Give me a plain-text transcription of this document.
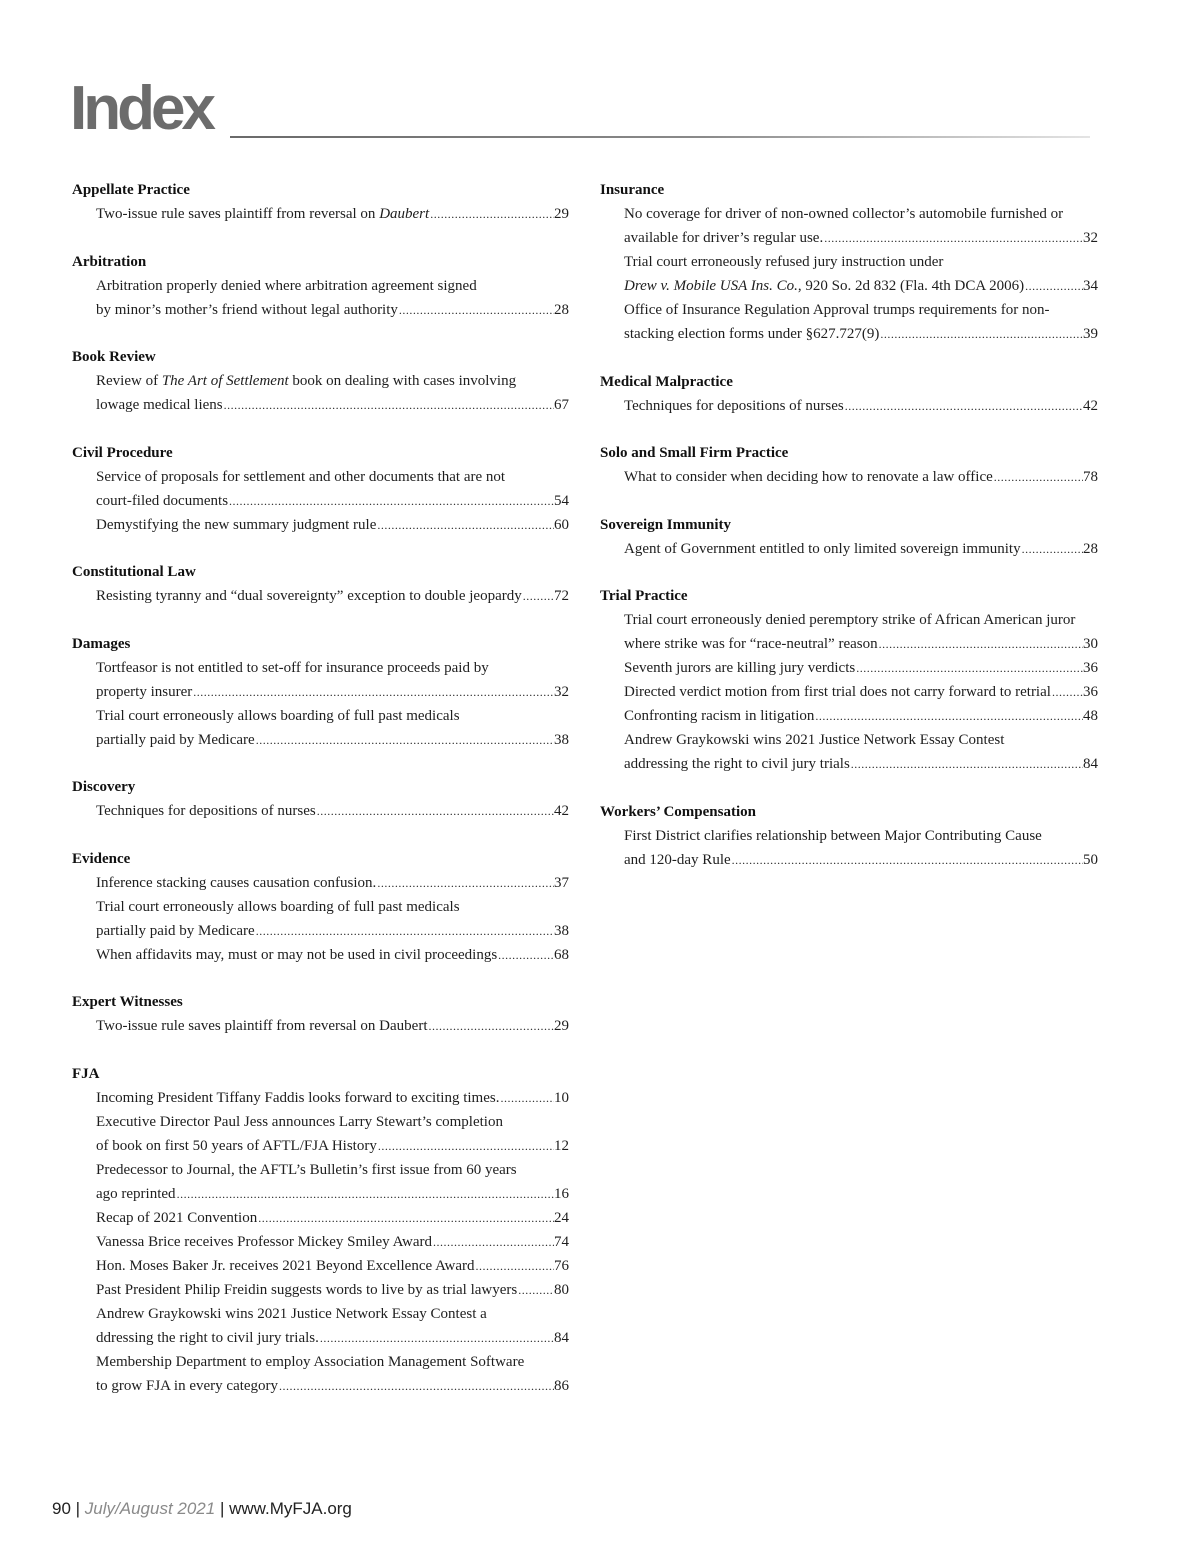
Index
Appellate Practice
Two-issue rule saves plaintiff from reversal on Daubert .....	29
Arbitration
Arbitration properly denied where arbitration agreement signed
by minor’s mother’s friend without legal authority .....	28
Book Review
Review of The Art of Settlement book on dealing with cases involving
lowage medical liens .....	67
Civil Procedure
Service of proposals for settlement and other documents that are not
court-filed documents .....	54
Demystifying the new summary judgment rule .....	60
Constitutional Law
Resisting tyranny and “dual sovereignty” exception to double jeopardy ..... 72
Damages
Tortfeasor is not entitled to set-off for insurance proceeds paid by
property insurer .....	32
Trial court erroneously allows boarding of full past medicals
partially paid by Medicare .....	38
Discovery
Techniques for depositions of nurses .....	42
Evidence
Inference stacking causes causation confusion. .....	37
Trial court erroneously allows boarding of full past medicals
partially paid by Medicare .....	38
When affidavits may, must or may not be used in civil proceedings .....	68
Expert Witnesses
Two-issue rule saves plaintiff from reversal on Daubert .....	29
FJA
Incoming President Tiffany Faddis looks forward to exciting times. .....	10
Executive Director Paul Jess announces Larry Stewart’s completion
of book on first 50 years of AFTL/FJA History .....	12
Predecessor to Journal, the AFTL’s Bulletin’s first issue from 60 years
ago reprinted .....	16
Recap of 2021 Convention .....	24
Vanessa Brice receives Professor Mickey Smiley Award .....	74
Hon. Moses Baker Jr. receives 2021 Beyond Excellence Award .....	76
Past President Philip Freidin suggests words to live by as trial lawyers ..... 80
Andrew Graykowski wins 2021 Justice Network Essay Contest a
ddressing the right to civil jury trials. .....	84
Membership Department to employ Association Management Software
to grow FJA in every category .....	86
Insurance
No coverage for driver of non-owned collector’s automobile furnished or
available for driver’s regular use. .....	32
Trial court erroneously refused jury instruction under
Drew v. Mobile USA Ins. Co., 920 So. 2d 832 (Fla. 4th DCA 2006) .....	34
Office of Insurance Regulation Approval trumps requirements for non-
stacking election forms under §627.727(9) .....	39
Medical Malpractice
Techniques for depositions of nurses .....	42
Solo and Small Firm Practice
What to consider when deciding how to renovate a law office .....	78
Sovereign Immunity
Agent of Government entitled to only limited sovereign immunity .....	28
Trial Practice
Trial court erroneously denied peremptory strike of African American juror
where strike was for “race-neutral” reason .....	30
Seventh jurors are killing jury verdicts .....	36
Directed verdict motion from first trial does not carry forward to retrial ..... 36
Confronting racism in litigation .....	48
Andrew Graykowski wins 2021 Justice Network Essay Contest
addressing the right to civil jury trials .....	84
Workers’ Compensation
First District clarifies relationship between Major Contributing Cause
and 120-day Rule .....	50
90 | July/August 2021 | www.MyFJA.org
